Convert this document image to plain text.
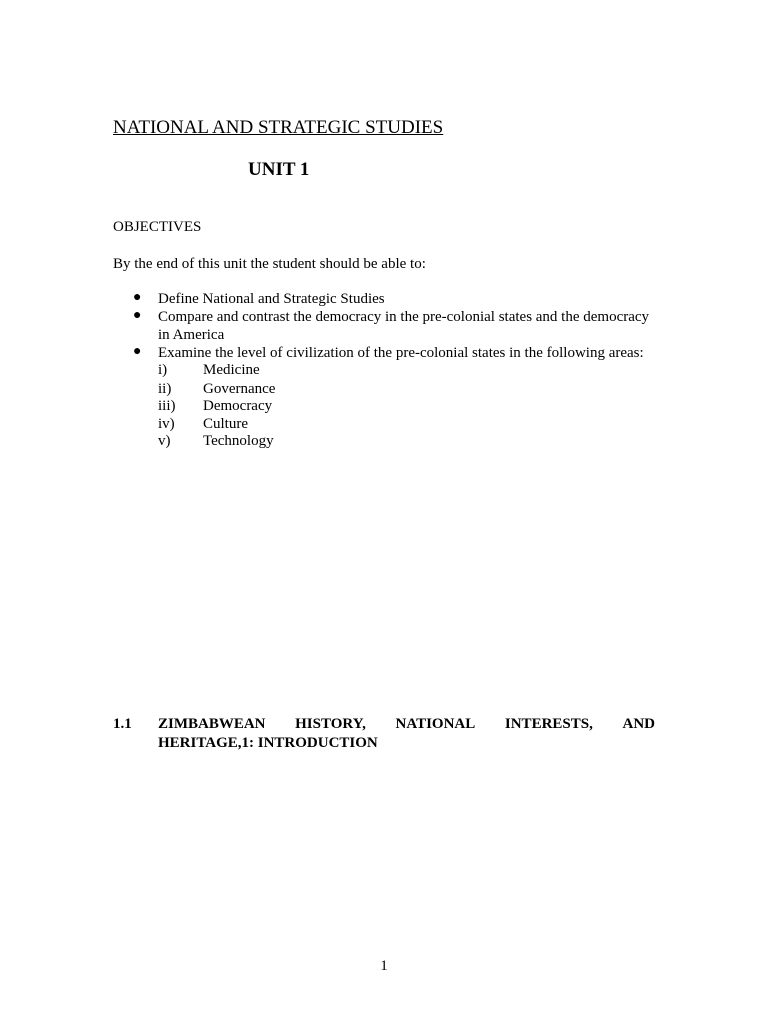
NATIONAL AND STRATEGIC STUDIES
UNIT 1
OBJECTIVES
By the end of this unit the student should be able to:
● Define National and Strategic Studies
● Compare and contrast the democracy in the pre-colonial states and the democracy
in America
● Examine the level of civilization of the pre-colonial states in the following areas:
i) Medicine
ii) Governance
iii) Democracy
iv) Culture
v) Technology
1.1 ZIMBABWEAN HISTORY, NATIONAL INTERESTS, AND
HERITAGE,1: INTRODUCTION
1
